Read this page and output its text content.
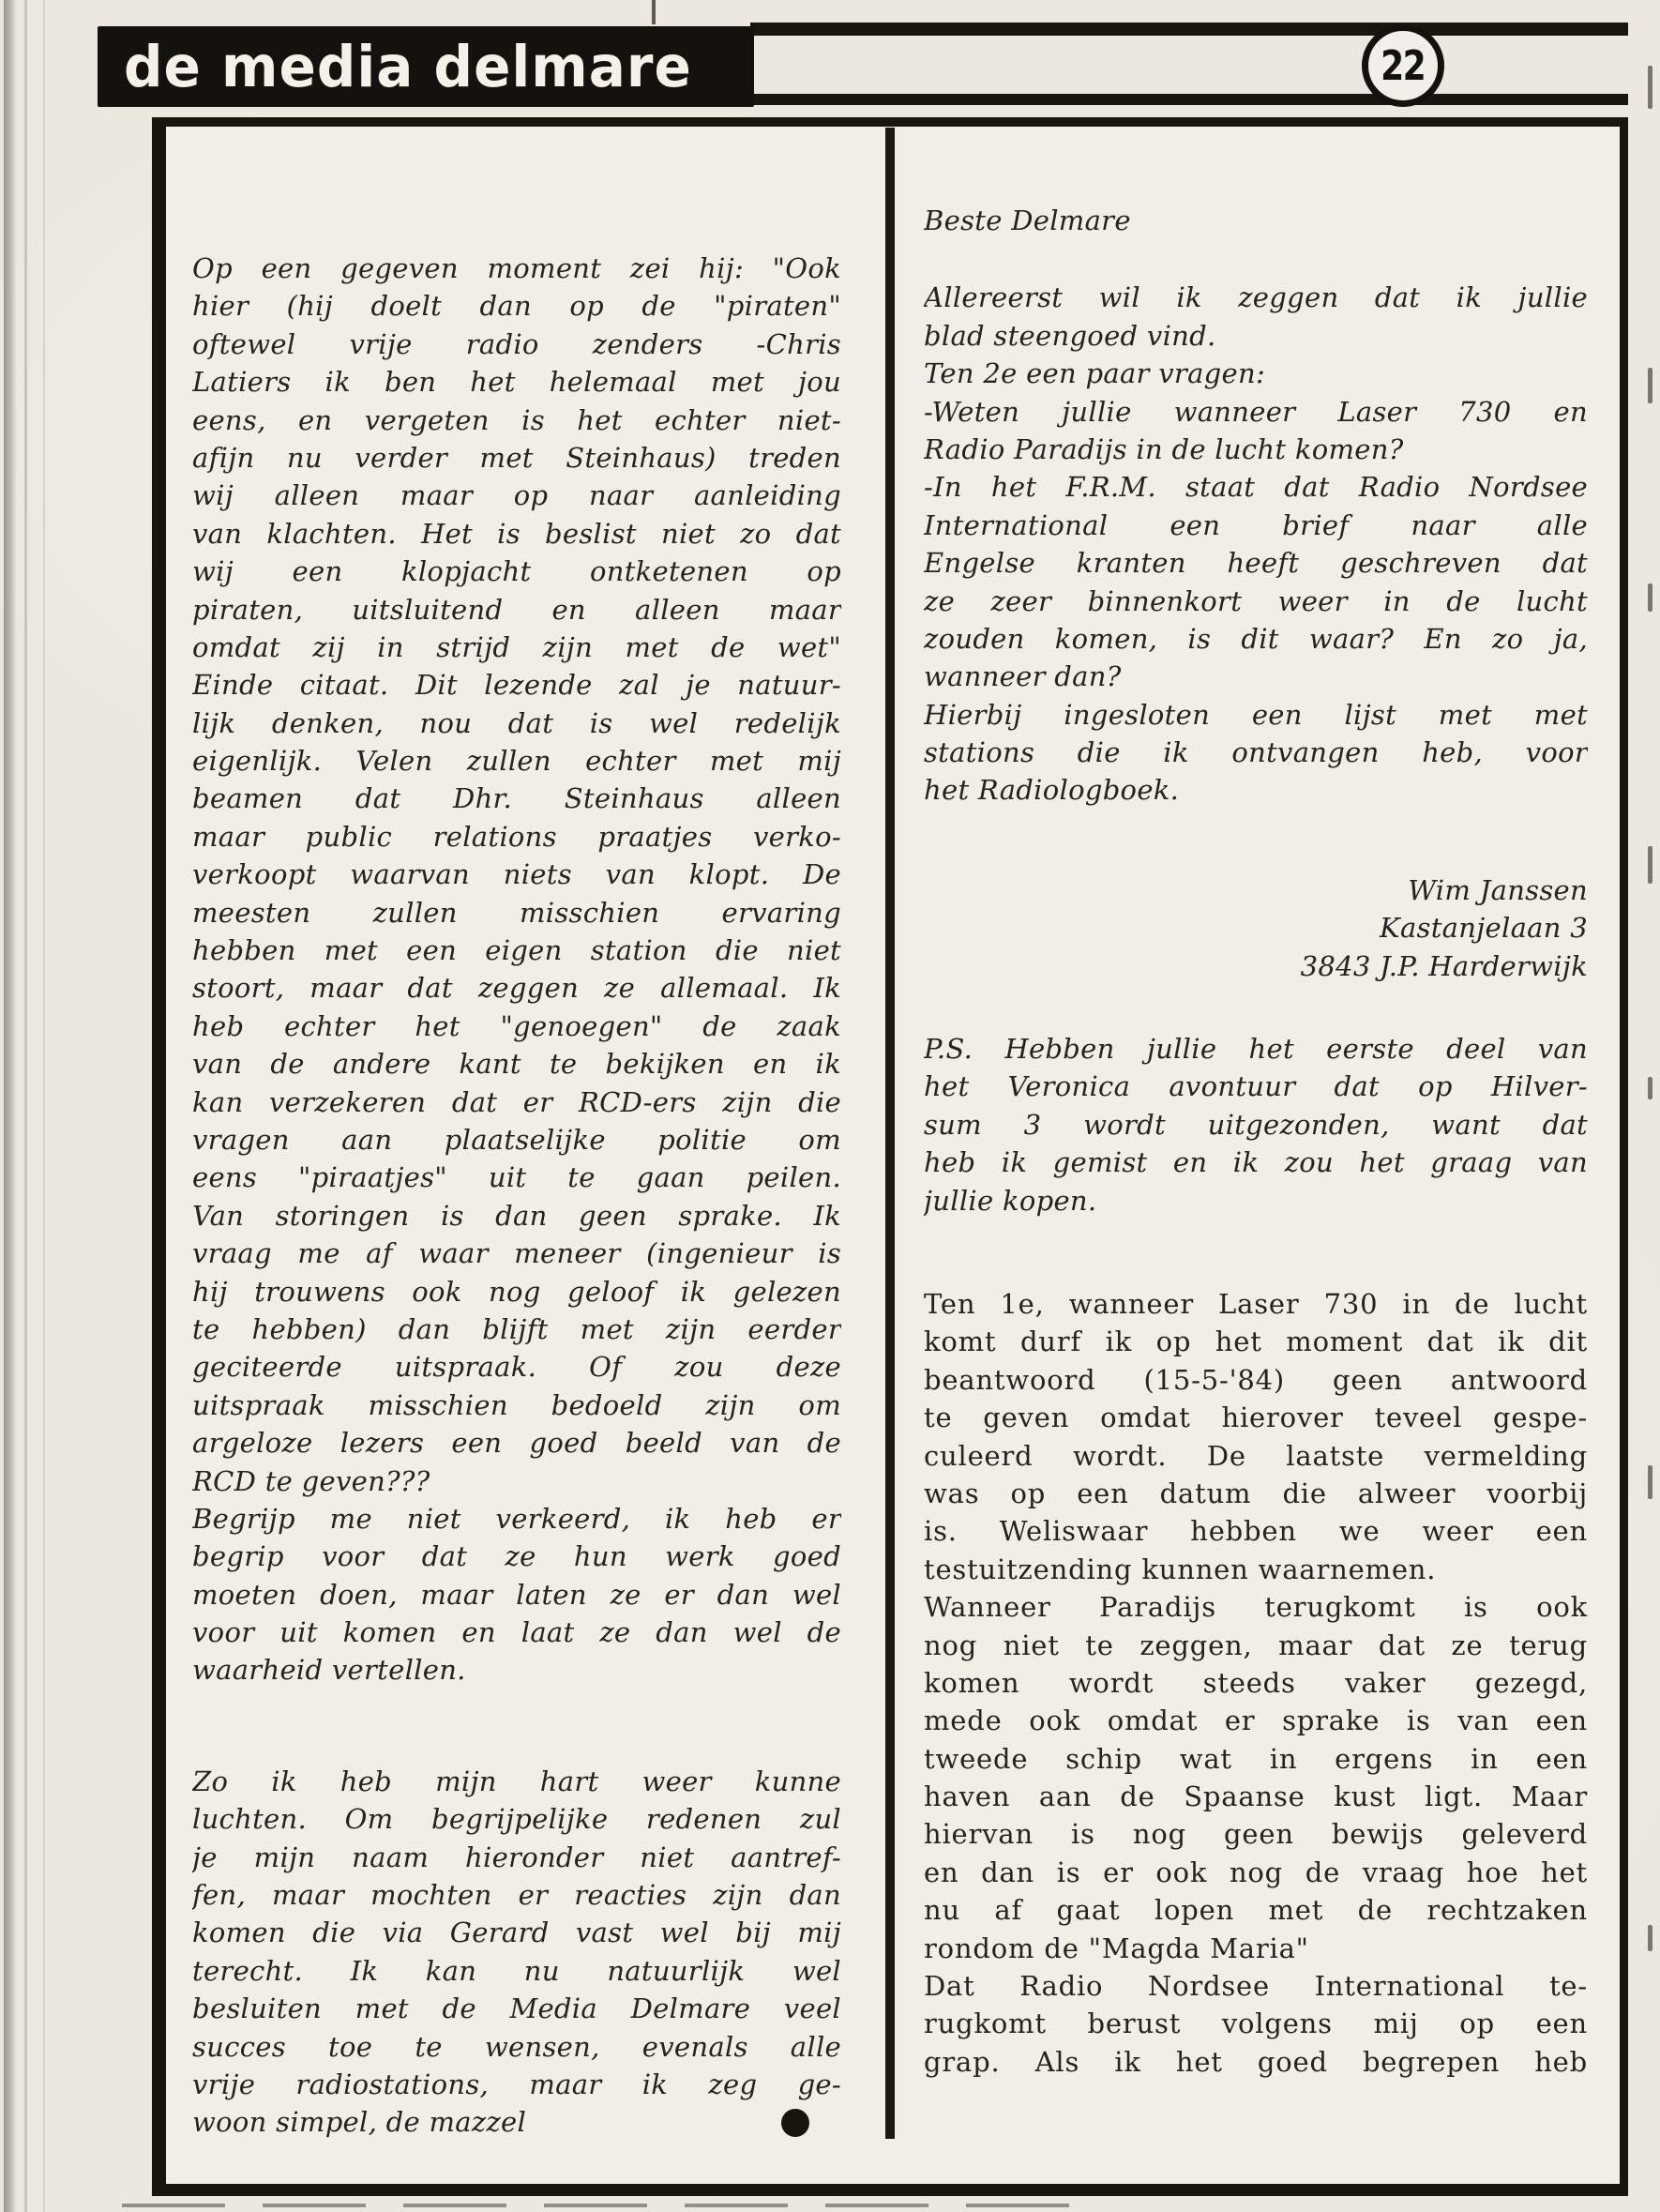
de media delmare	22
Op een gegeven moment zei hij: "Ook
hier (hij doelt dan op de "piraten"
oftewel vrije radio zenders -Chris
Latiers ik ben het helemaal met jou
eens, en vergeten is het echter niet-
afijn nu verder met Steinhaus) treden
wij alleen maar op naar aanleiding
van klachten. Het is beslist niet zo dat
wij een klopjacht ontketenen op
piraten, uitsluitend en alleen maar
omdat zij in strijd zijn met de wet"
Einde citaat. Dit lezende zal je natuur-
lijk denken, nou dat is wel redelijk
eigenlijk. Velen zullen echter met mij
beamen dat Dhr. Steinhaus alleen
maar public relations praatjes verko-
verkoopt waarvan niets van klopt. De
meesten zullen misschien ervaring
hebben met een eigen station die niet
stoort, maar dat zeggen ze allemaal. Ik
heb echter het "genoegen" de zaak
van de andere kant te bekijken en ik
kan verzekeren dat er RCD-ers zijn die
vragen aan plaatselijke politie om
eens "piraatjes" uit te gaan peilen.
Van storingen is dan geen sprake. Ik
vraag me af waar meneer (ingenieur is
hij trouwens ook nog geloof ik gelezen
te hebben) dan blijft met zijn eerder
geciteerde uitspraak. Of zou deze
uitspraak misschien bedoeld zijn om
argeloze lezers een goed beeld van de
RCD te geven???
Begrijp me niet verkeerd, ik heb er
begrip voor dat ze hun werk goed
moeten doen, maar laten ze er dan wel
voor uit komen en laat ze dan wel de
waarheid vertellen.
Zo ik heb mijn hart weer kunne
luchten. Om begrijpelijke redenen zul
je mijn naam hieronder niet aantref-
fen, maar mochten er reacties zijn dan
komen die via Gerard vast wel bij mij
terecht. Ik kan nu natuurlijk wel
besluiten met de Media Delmare veel
succes toe te wensen, evenals alle
vrije radiostations, maar ik zeg ge-
woon simpel, de mazzel
Beste Delmare
Allereerst wil ik zeggen dat ik jullie
blad steengoed vind.
Ten 2e een paar vragen:
-Weten jullie wanneer Laser 730 en
Radio Paradijs in de lucht komen?
-In het F.R.M. staat dat Radio Nordsee
International een brief naar alle
Engelse kranten heeft geschreven dat
ze zeer binnenkort weer in de lucht
zouden komen, is dit waar? En zo ja,
wanneer dan?
Hierbij ingesloten een lijst met met
stations die ik ontvangen heb, voor
het Radiologboek.
Wim Janssen
Kastanjelaan 3
3843 J.P. Harderwijk
P.S. Hebben jullie het eerste deel van
het Veronica avontuur dat op Hilver-
sum 3 wordt uitgezonden, want dat
heb ik gemist en ik zou het graag van
jullie kopen.
Ten 1e, wanneer Laser 730 in de lucht
komt durf ik op het moment dat ik dit
beantwoord (15-5-'84) geen antwoord
te geven omdat hierover teveel gespe-
culeerd wordt. De laatste vermelding
was op een datum die alweer voorbij
is. Weliswaar hebben we weer een
testuitzending kunnen waarnemen.
Wanneer Paradijs terugkomt is ook
nog niet te zeggen, maar dat ze terug
komen wordt steeds vaker gezegd,
mede ook omdat er sprake is van een
tweede schip wat in ergens in een
haven aan de Spaanse kust ligt. Maar
hiervan is nog geen bewijs geleverd
en dan is er ook nog de vraag hoe het
nu af gaat lopen met de rechtzaken
rondom de "Magda Maria"
Dat Radio Nordsee International te-
rugkomt berust volgens mij op een
grap. Als ik het goed begrepen heb
